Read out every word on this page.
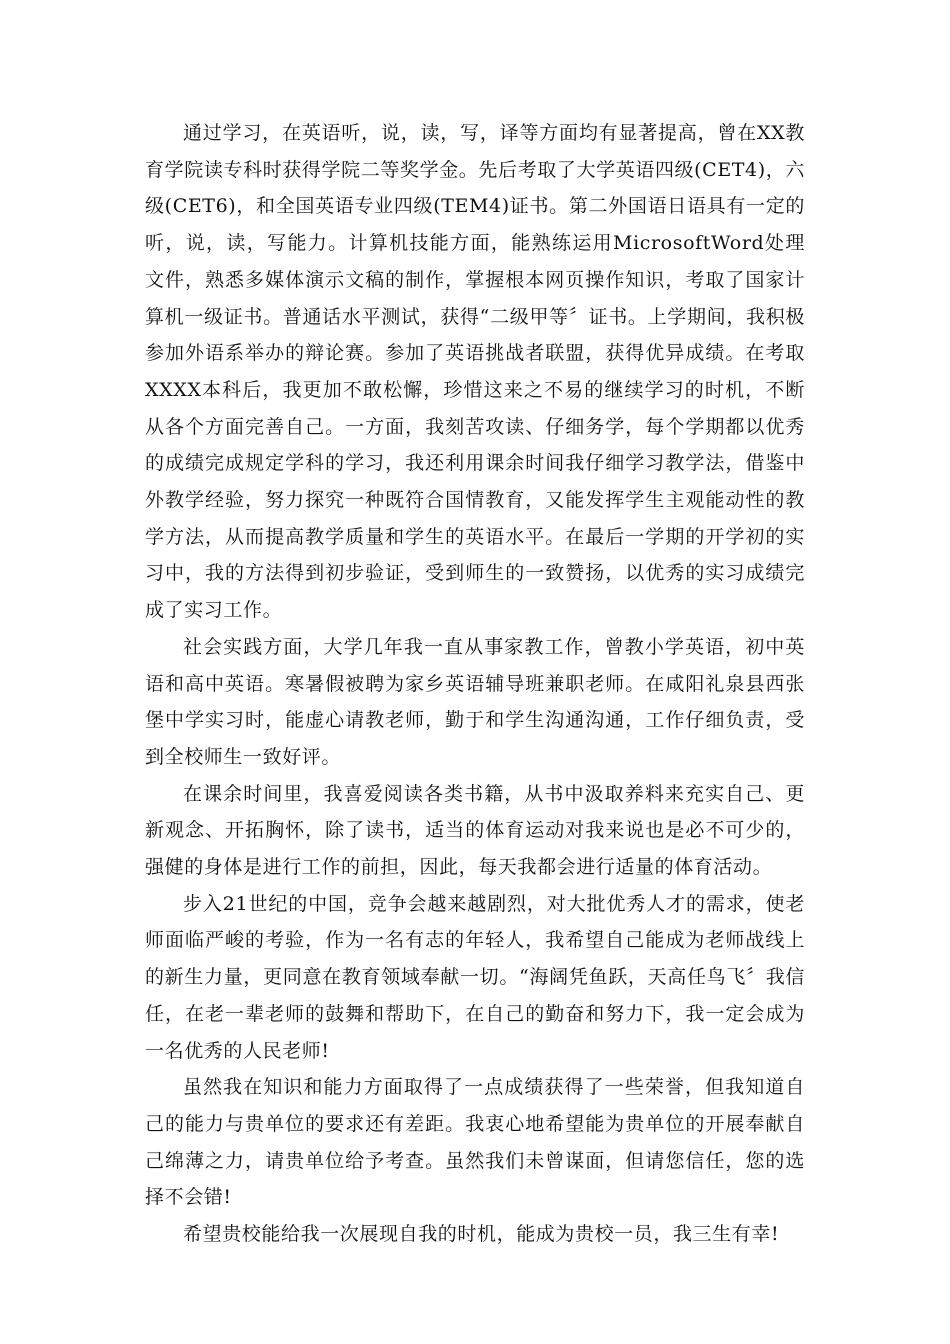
通过学习，在英语听，说，读，写，译等方面均有显著提高，曾在XX教育学院读专科时获得学院二等奖学金。先后考取了大学英语四级(CET4)，六级(CET6)，和全国英语专业四级(TEM4)证书。第二外国语日语具有一定的听，说，读，写能力。计算机技能方面，能熟练运用MicrosoftWord处理文件，熟悉多媒体演示文稿的制作，掌握根本网页操作知识，考取了国家计算机一级证书。普通话水平测试，获得“二级甲等〞证书。上学期间，我积极参加外语系举办的辩论赛。参加了英语挑战者联盟，获得优异成绩。在考取XXXX本科后，我更加不敢松懈，珍惜这来之不易的继续学习的时机，不断从各个方面完善自己。一方面，我刻苦攻读、仔细务学，每个学期都以优秀的成绩完成规定学科的学习，我还利用课余时间我仔细学习教学法，借鉴中外教学经验，努力探究一种既符合国情教育，又能发挥学生主观能动性的教学方法，从而提高教学质量和学生的英语水平。在最后一学期的开学初的实习中，我的方法得到初步验证，受到师生的一致赞扬，以优秀的实习成绩完成了实习工作。

社会实践方面，大学几年我一直从事家教工作，曾教小学英语，初中英语和高中英语。寒暑假被聘为家乡英语辅导班兼职老师。在咸阳礼泉县西张堡中学实习时，能虚心请教老师，勤于和学生沟通沟通，工作仔细负责，受到全校师生一致好评。

在课余时间里，我喜爱阅读各类书籍，从书中汲取养料来充实自己、更新观念、开拓胸怀，除了读书，适当的体育运动对我来说也是必不可少的，强健的身体是进行工作的前担，因此，每天我都会进行适量的体育活动。

步入21世纪的中国，竞争会越来越剧烈，对大批优秀人才的需求，使老师面临严峻的考验，作为一名有志的年轻人，我希望自己能成为老师战线上的新生力量，更同意在教育领域奉献一切。“海阔凭鱼跃，天高任鸟飞〞我信任，在老一辈老师的鼓舞和帮助下，在自己的勤奋和努力下，我一定会成为一名优秀的人民老师!

虽然我在知识和能力方面取得了一点成绩获得了一些荣誉，但我知道自己的能力与贵单位的要求还有差距。我衷心地希望能为贵单位的开展奉献自己绵薄之力，请贵单位给予考查。虽然我们未曾谋面，但请您信任，您的选择不会错!

希望贵校能给我一次展现自我的时机，能成为贵校一员，我三生有幸!
